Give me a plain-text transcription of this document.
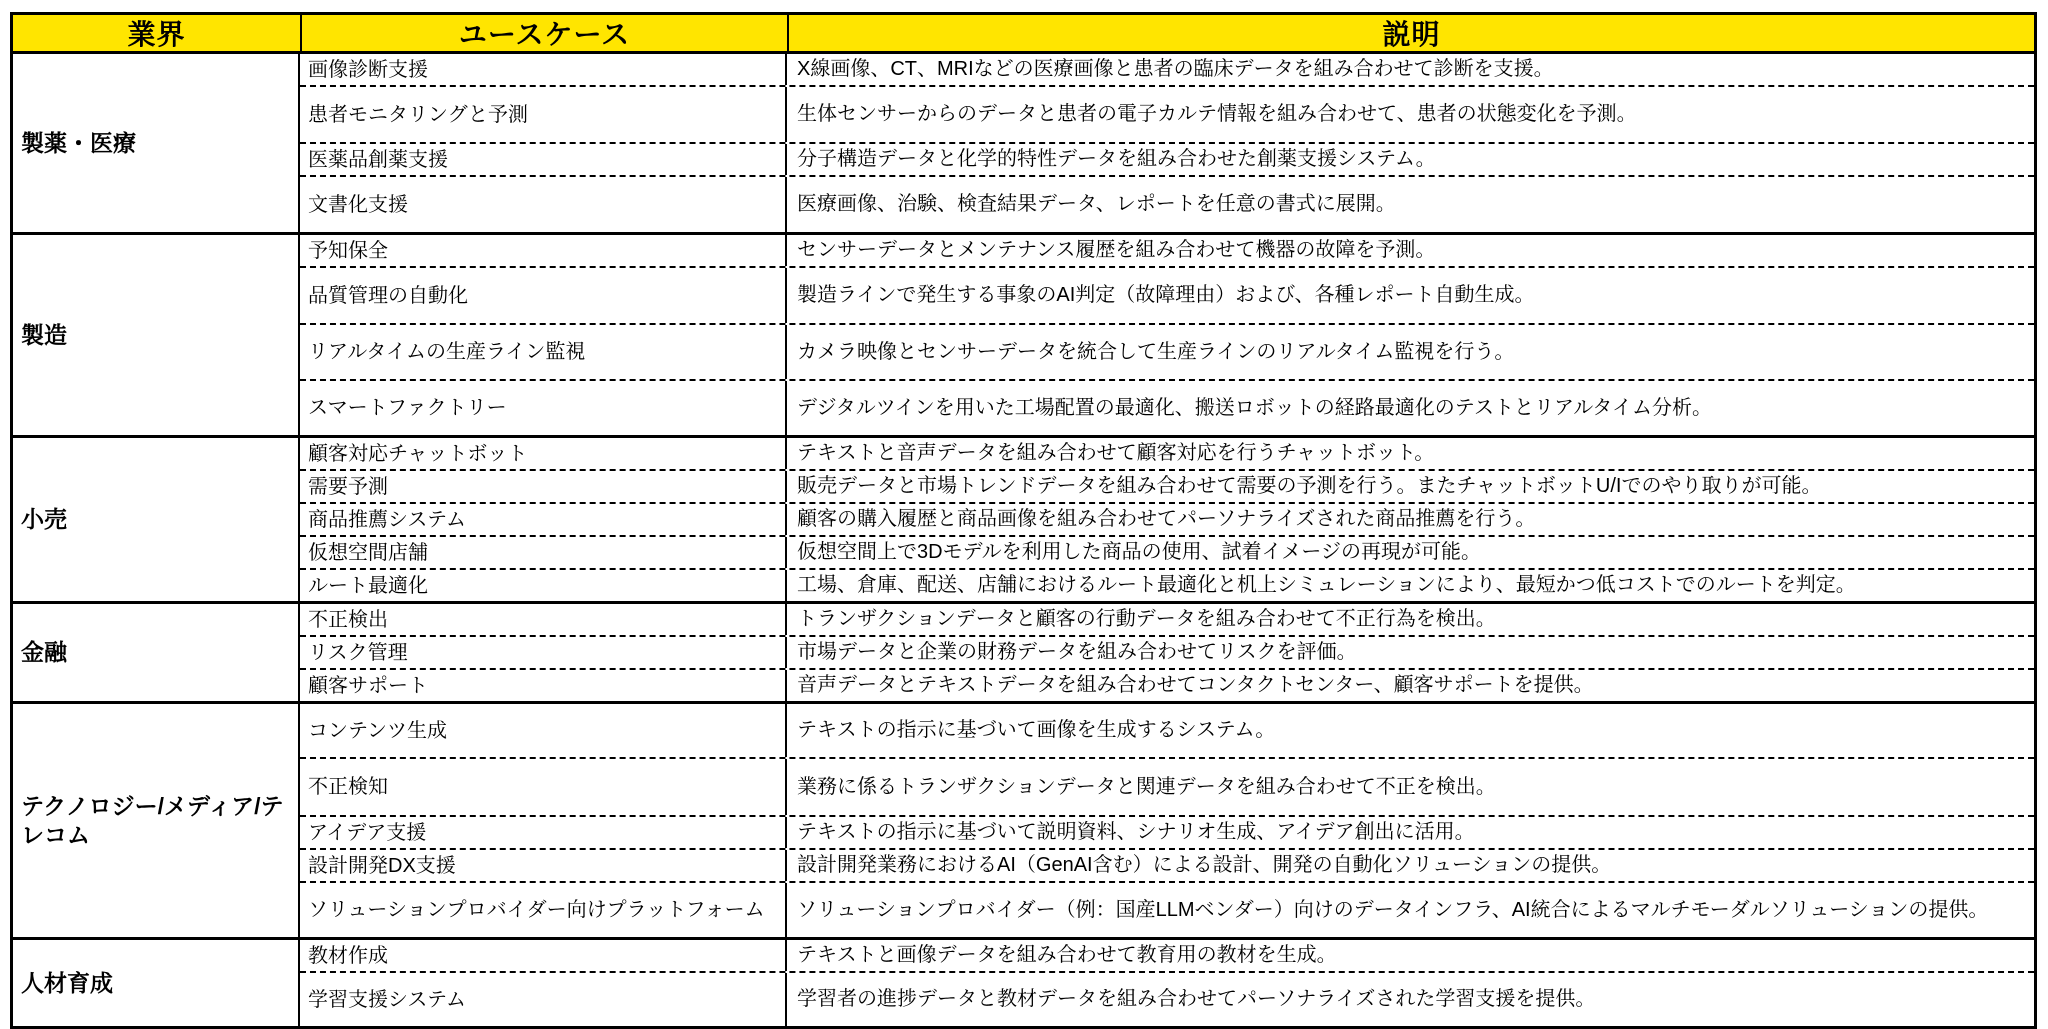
業界	ユースケース	説明
製薬・医療
画像診断支援	X線画像、CT、MRIなどの医療画像と患者の臨床データを組み合わせて診断を支援。
患者モニタリングと予測	生体センサーからのデータと患者の電子カルテ情報を組み合わせて、患者の状態変化を予測。
医薬品創薬支援	分子構造データと化学的特性データを組み合わせた創薬支援システム。
文書化支援	医療画像、治験、検査結果データ、レポートを任意の書式に展開。
製造
予知保全	センサーデータとメンテナンス履歴を組み合わせて機器の故障を予測。
品質管理の自動化	製造ラインで発生する事象のAI判定（故障理由）および、各種レポート自動生成。
リアルタイムの生産ライン監視	カメラ映像とセンサーデータを統合して生産ラインのリアルタイム監視を行う。
スマートファクトリー	デジタルツインを用いた工場配置の最適化、搬送ロボットの経路最適化のテストとリアルタイム分析。
小売
顧客対応チャットボット	テキストと音声データを組み合わせて顧客対応を行うチャットボット。
需要予測	販売データと市場トレンドデータを組み合わせて需要の予測を行う。またチャットボットU/Iでのやり取りが可能。
商品推薦システム	顧客の購入履歴と商品画像を組み合わせてパーソナライズされた商品推薦を行う。
仮想空間店舗	仮想空間上で3Dモデルを利用した商品の使用、試着イメージの再現が可能。
ルート最適化	工場、倉庫、配送、店舗におけるルート最適化と机上シミュレーションにより、最短かつ低コストでのルートを判定。
金融
不正検出	トランザクションデータと顧客の行動データを組み合わせて不正行為を検出。
リスク管理	市場データと企業の財務データを組み合わせてリスクを評価。
顧客サポート	音声データとテキストデータを組み合わせてコンタクトセンター、顧客サポートを提供。
テクノロジー/メディア/テレコム
コンテンツ生成	テキストの指示に基づいて画像を生成するシステム。
不正検知	業務に係るトランザクションデータと関連データを組み合わせて不正を検出。
アイデア支援	テキストの指示に基づいて説明資料、シナリオ生成、アイデア創出に活用。
設計開発DX支援	設計開発業務におけるAI（GenAI含む）による設計、開発の自動化ソリューションの提供。
ソリューションプロバイダー向けプラットフォーム	ソリューションプロバイダー（例：国産LLMベンダー）向けのデータインフラ、AI統合によるマルチモーダルソリューションの提供。
人材育成
教材作成	テキストと画像データを組み合わせて教育用の教材を生成。
学習支援システム	学習者の進捗データと教材データを組み合わせてパーソナライズされた学習支援を提供。
